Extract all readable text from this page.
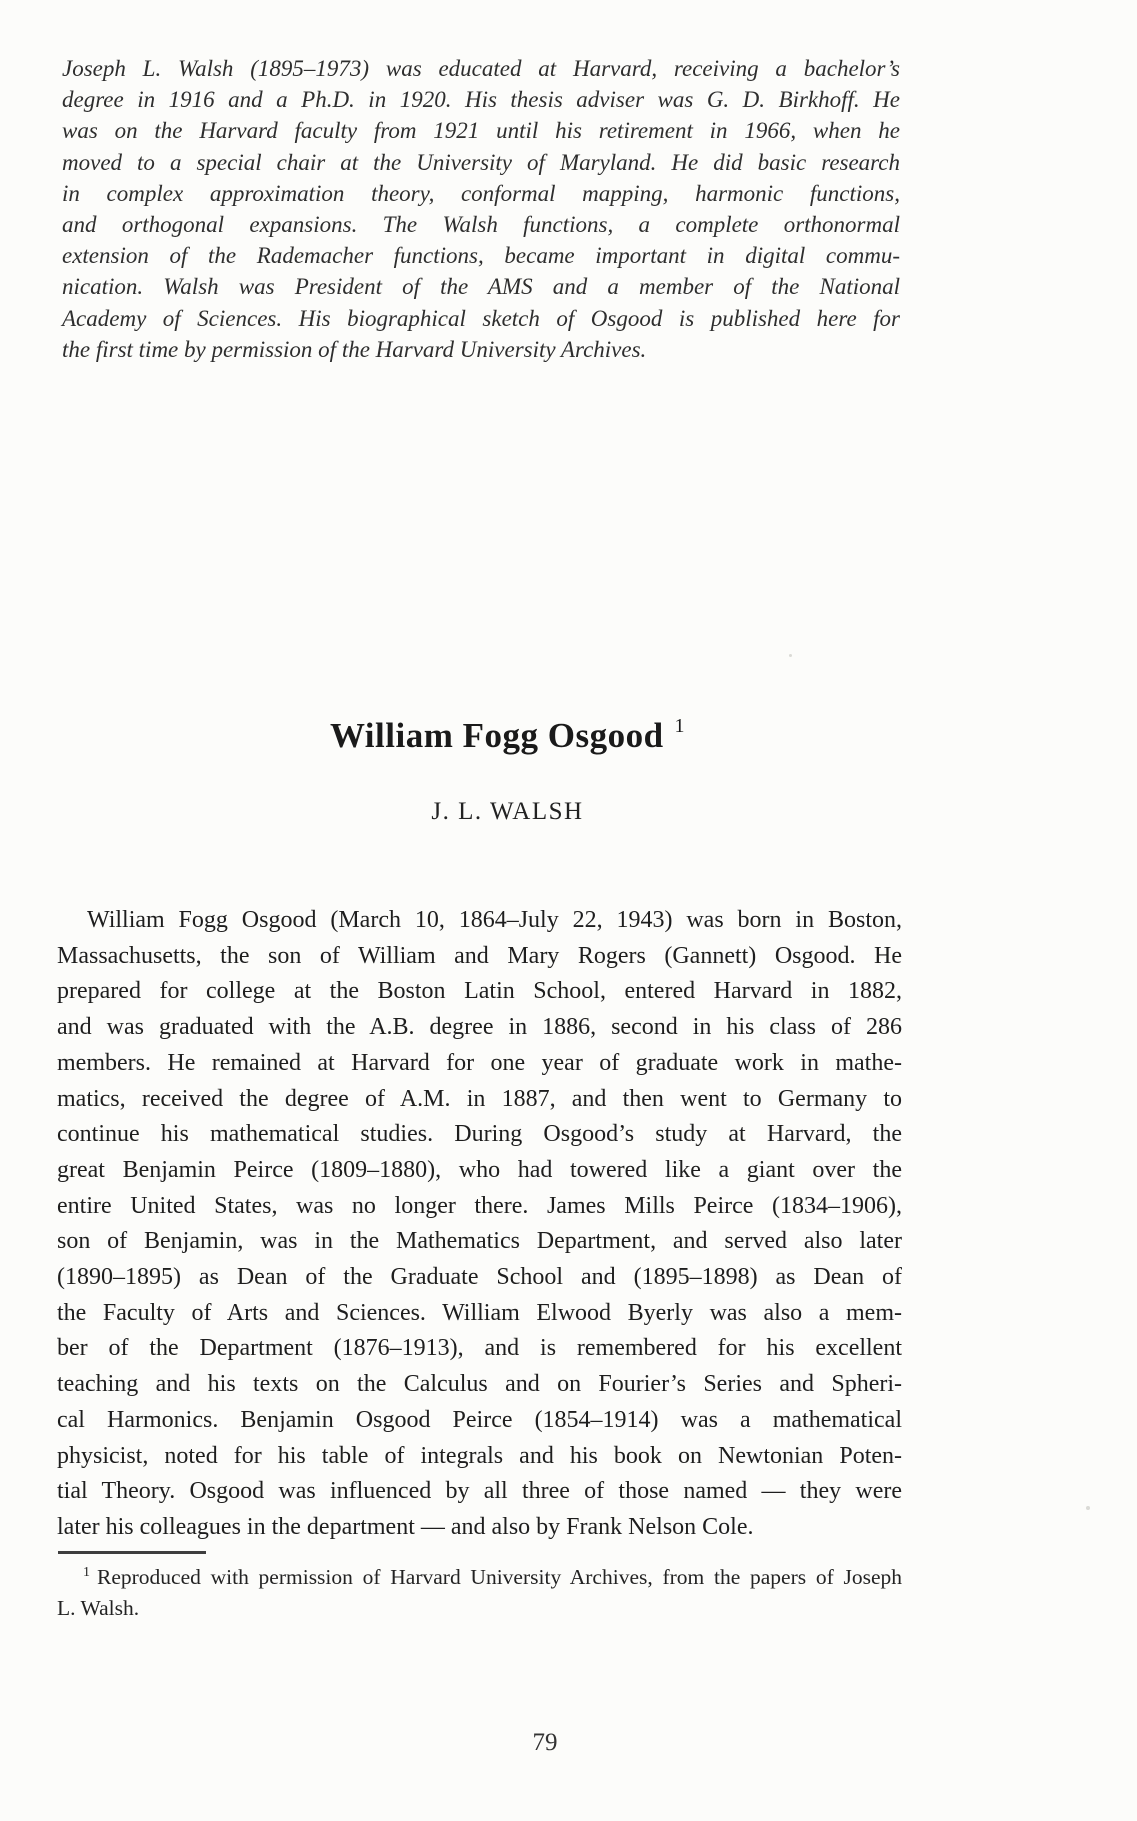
Joseph L. Walsh (1895–1973) was educated at Harvard, receiving a bachelor’s
degree in 1916 and a Ph.D. in 1920. His thesis adviser was G. D. Birkhoff. He
was on the Harvard faculty from 1921 until his retirement in 1966, when he
moved to a special chair at the University of Maryland. He did basic research
in complex approximation theory, conformal mapping, harmonic functions,
and orthogonal expansions. The Walsh functions, a complete orthonormal
extension of the Rademacher functions, became important in digital commu-
nication. Walsh was President of the AMS and a member of the National
Academy of Sciences. His biographical sketch of Osgood is published here for
the first time by permission of the Harvard University Archives.
William Fogg Osgood $^1$
J. L. WALSH
William Fogg Osgood (March 10, 1864–July 22, 1943) was born in Boston,
Massachusetts, the son of William and Mary Rogers (Gannett) Osgood. He
prepared for college at the Boston Latin School, entered Harvard in 1882,
and was graduated with the A.B. degree in 1886, second in his class of 286
members. He remained at Harvard for one year of graduate work in mathe-
matics, received the degree of A.M. in 1887, and then went to Germany to
continue his mathematical studies. During Osgood’s study at Harvard, the
great Benjamin Peirce (1809–1880), who had towered like a giant over the
entire United States, was no longer there. James Mills Peirce (1834–1906),
son of Benjamin, was in the Mathematics Department, and served also later
(1890–1895) as Dean of the Graduate School and (1895–1898) as Dean of
the Faculty of Arts and Sciences. William Elwood Byerly was also a mem-
ber of the Department (1876–1913), and is remembered for his excellent
teaching and his texts on the Calculus and on Fourier’s Series and Spheri-
cal Harmonics. Benjamin Osgood Peirce (1854–1914) was a mathematical
physicist, noted for his table of integrals and his book on Newtonian Poten-
tial Theory. Osgood was influenced by all three of those named — they were
later his colleagues in the department — and also by Frank Nelson Cole.
$^1$ Reproduced with permission of Harvard University Archives, from the papers of Joseph
L. Walsh.
79
